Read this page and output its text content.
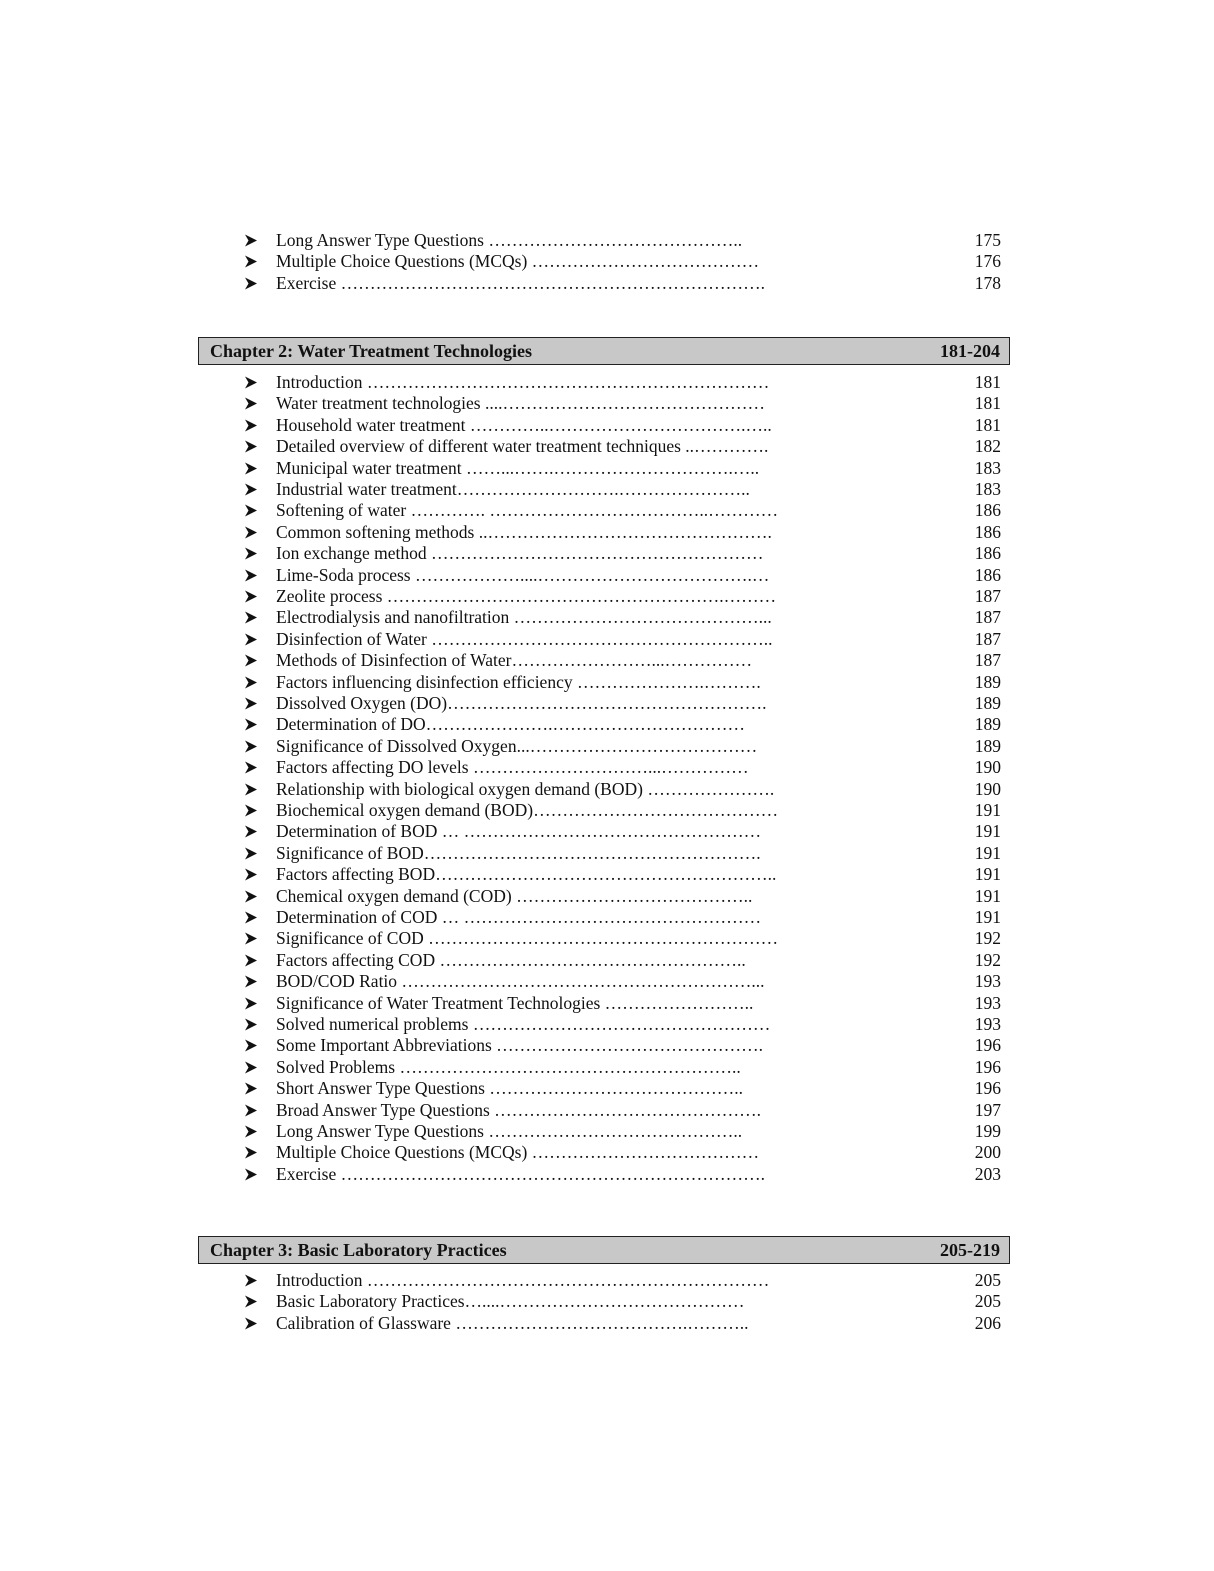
Long Answer Type Questions ……………………………………..	175
Multiple Choice Questions (MCQs) …………………………………	176
Exercise ……………………………………………………………….	178
Chapter 2: Water Treatment Technologies	181-204
Introduction ……………………………………………………………	181
Water treatment technologies ....………………………………………	181
Household water treatment …………..…………………………….…..	181
Detailed overview of different water treatment techniques ..………….	182
Municipal water treatment ……...…….………………………….…..	183
Industrial water treatment……………………….…………………..	183
Softening of water …………. ………………………………..…………	186
Common softening methods ..………………………………………….	186
Ion exchange method …………………………………………………	186
Lime-Soda process ………………....……………………………….…	186
Zeolite process ………………………………………………….………	187
Electrodialysis and nanofiltration ……………………………………...	187
Disinfection of Water …………………………………………………..	187
Methods of Disinfection of Water……………………...……………	187
Factors influencing disinfection efficiency ………………….……….	189
Dissolved Oxygen (DO)……………………………………………….	189
Determination of DO………………….……………………………	189
Significance of Dissolved Oxygen...…………………………………	189
Factors affecting DO levels …………………………...……………	190
Relationship with biological oxygen demand (BOD) ………………….	190
Biochemical oxygen demand (BOD)……………………………………	191
Determination of BOD … ……………………………………………	191
Significance of BOD………………………………………………….	191
Factors affecting BOD…………………………………………………..	191
Chemical oxygen demand (COD) …………………………………..	191
Determination of COD … ……………………………………………	191
Significance of COD ……………………………………………………	192
Factors affecting COD ……………………………………………..	192
BOD/COD Ratio ……………………………………………………...	193
Significance of Water Treatment Technologies ……………………..	193
Solved numerical problems ……………………………………………	193
Some Important Abbreviations ……………………………………….	196
Solved Problems …………………………………………………..	196
Short Answer Type Questions ……………………………………..	196
Broad Answer Type Questions ……………………………………….	197
Long Answer Type Questions ……………………………………..	199
Multiple Choice Questions (MCQs) …………………………………	200
Exercise ……………………………………………………………….	203
Chapter 3: Basic Laboratory Practices	205-219
Introduction ……………………………………………………………	205
Basic Laboratory Practices…....……………………………………	205
Calibration of Glassware ………………………………….………..	206
